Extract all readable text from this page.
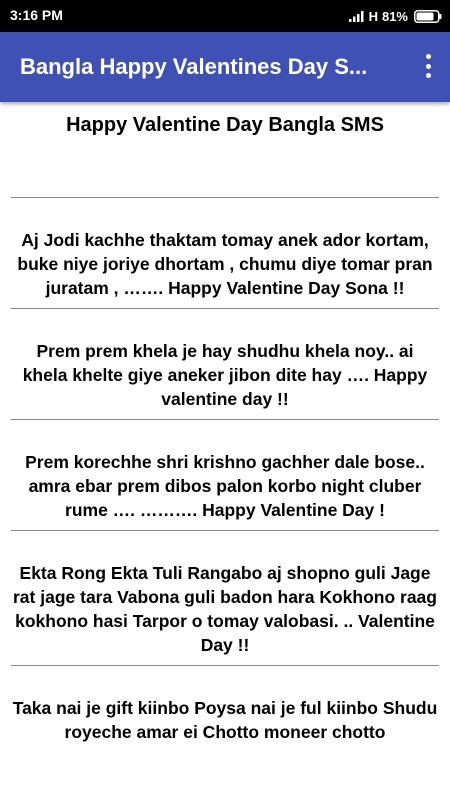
3:16 PM	H 81%
Bangla Happy Valentines Day S...
Happy Valentine Day Bangla SMS
Aj Jodi kachhe thaktam tomay anek ador kortam, buke niye joriye dhortam , chumu diye tomar pran juratam , ……. Happy Valentine Day Sona !!
Prem prem khela je hay shudhu khela noy.. ai khela khelte giye aneker jibon dite hay …. Happy valentine day !!
Prem korechhe shri krishno gachher dale bose.. amra ebar prem dibos palon korbo night cluber rume …. ………. Happy Valentine Day !
Ekta Rong Ekta Tuli Rangabo aj shopno guli Jage rat jage tara Vabona guli badon hara Kokhono raag kokhono hasi Tarpor o tomay valobasi. .. Valentine Day !!
Taka nai je gift kiinbo Poysa nai je ful kiinbo Shudu royeche amar ei Chotto moneer chotto
